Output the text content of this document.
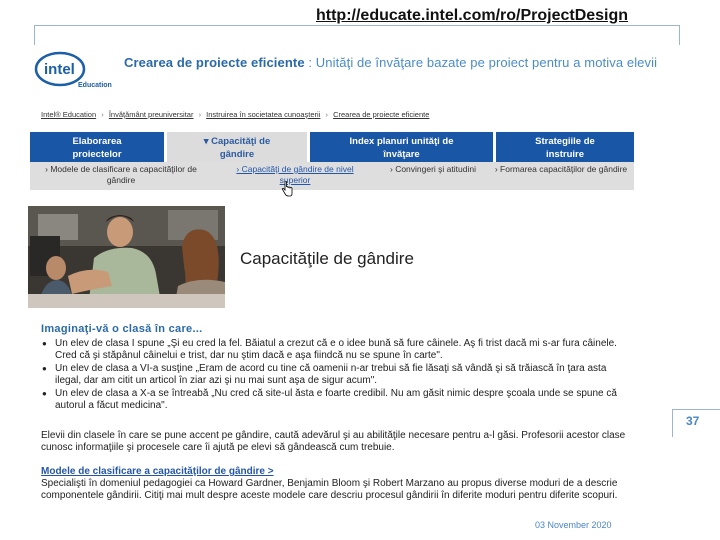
http://educate.intel.com/ro/ProjectDesign
intel
Education
Crearea de proiecte eficiente : Unităţi de învăţare bazate pe proiect pentru a motiva elevii
Intel® Education › Învăţământ preuniversitar › Instruirea în societatea cunoaşterii › Crearea de proiecte eficiente
Elaborarea proiectelor
▾ Capacităţi de gândire
Index planuri unităţi de învăţare
Strategiile de instruire
› Modele de clasificare a capacităţilor de gândire
› Capacităţi de gândire de nivel superior
› Convingeri şi atitudini	› Formarea capacităţilor de gândire
Capacităţile de gândire
Imaginaţi-vă o clasă în care...
● Un elev de clasa I spune „Şi eu cred la fel. Băiatul a crezut că e o idee bună să fure câinele. Aş fi trist dacă mi s-ar fura câinele. Cred că şi stăpânul câinelui e trist, dar nu ştim dacă e aşa fiindcă nu se spune în carte".
● Un elev de clasa a VI-a susţine „Eram de acord cu tine că oamenii n-ar trebui să fie lăsaţi să vândă şi să trăiască în ţara asta ilegal, dar am citit un articol în ziar azi şi nu mai sunt aşa de sigur acum".
● Un elev de clasa a X-a se întreabă „Nu cred că site-ul ăsta e foarte credibil. Nu am găsit nimic despre şcoala unde se spune că autorul a făcut medicina".
37
Elevii din clasele în care se pune accent pe gândire, caută adevărul şi au abilităţile necesare pentru a-l găsi. Profesorii acestor clase cunosc informaţiile şi procesele care îi ajută pe elevi să gândească cum trebuie.
Modele de clasificare a capacităţilor de gândire >
Specialişti în domeniul pedagogiei ca Howard Gardner, Benjamin Bloom şi Robert Marzano au propus diverse moduri de a descrie componentele gândirii. Citiţi mai mult despre aceste modele care descriu procesul gândirii în diferite moduri pentru diferite scopuri.
03 November 2020
